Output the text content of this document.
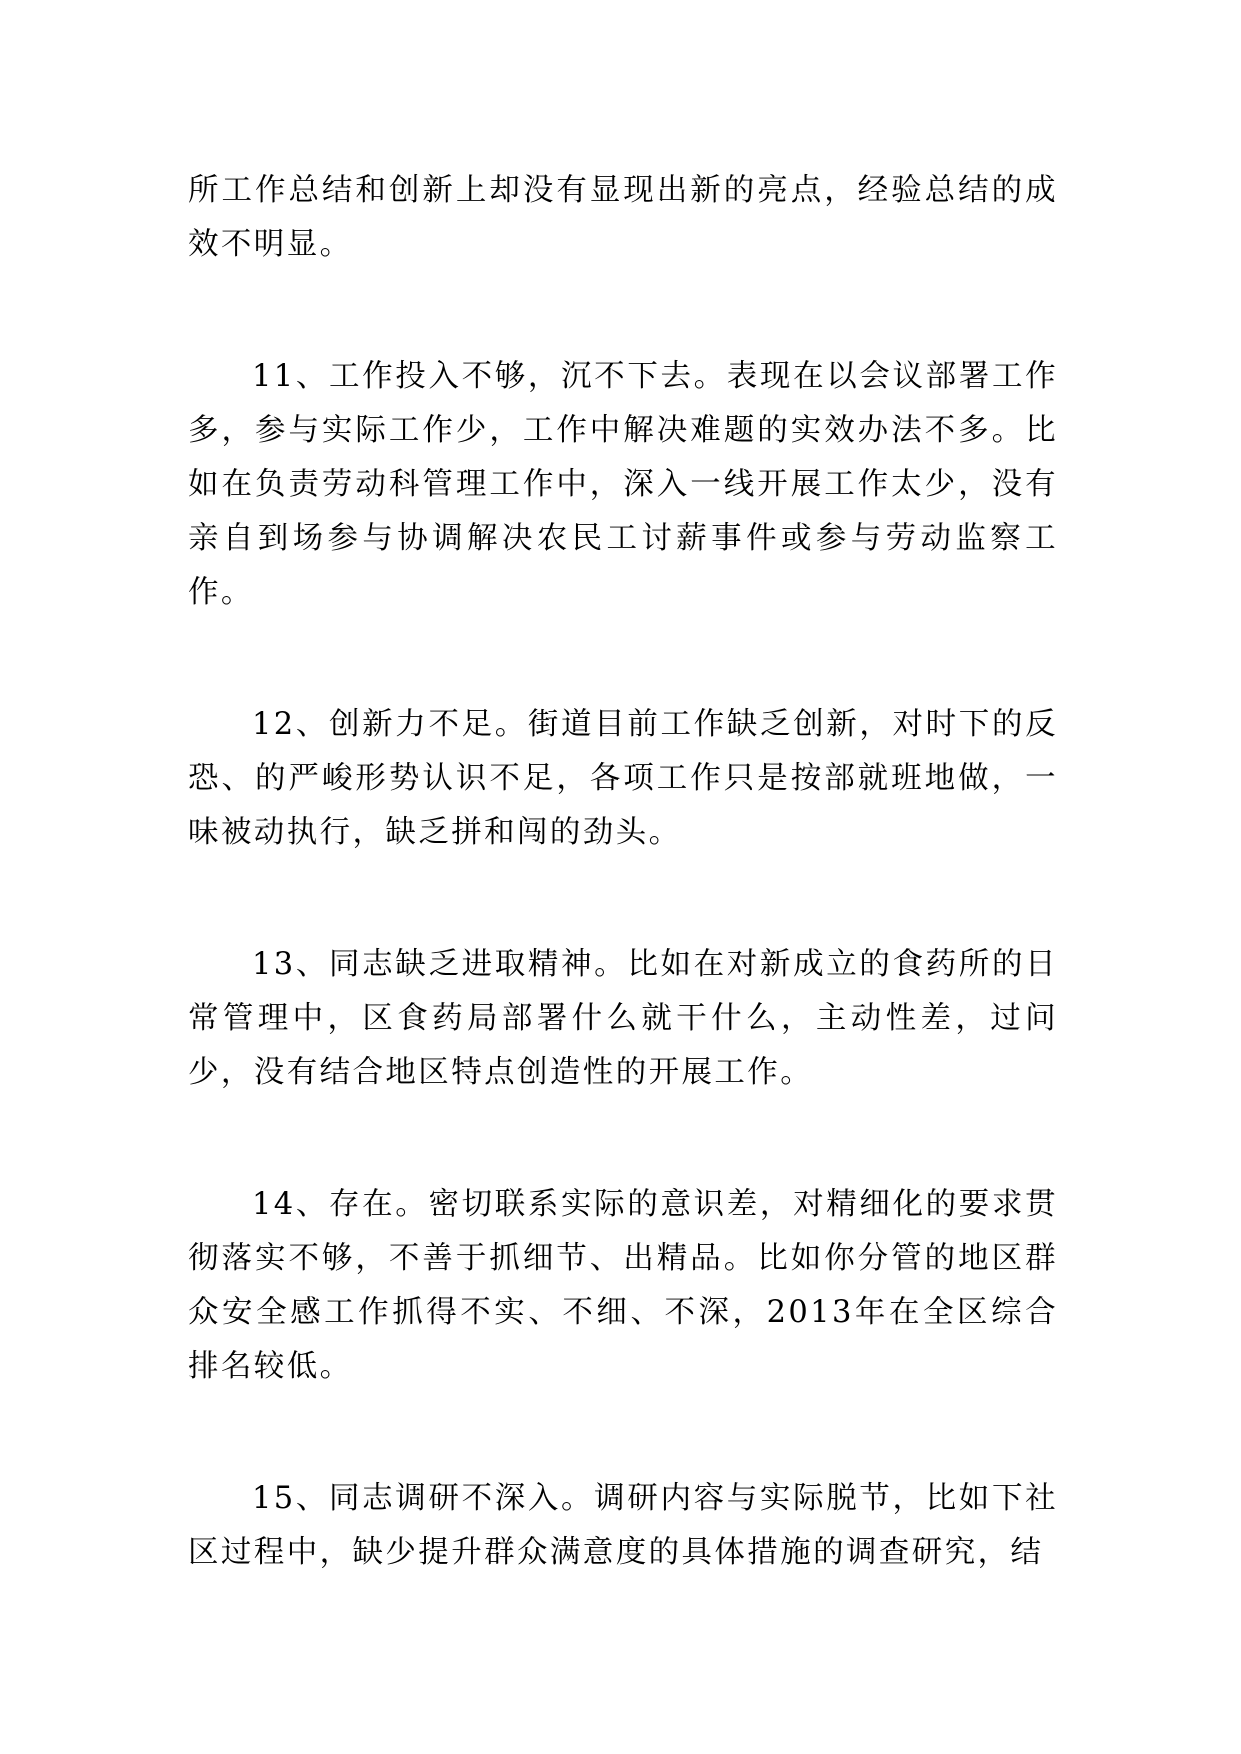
所工作总结和创新上却没有显现出新的亮点，经验总结的成效不明显。

11、工作投入不够，沉不下去。表现在以会议部署工作多，参与实际工作少，工作中解决难题的实效办法不多。比如在负责劳动科管理工作中，深入一线开展工作太少，没有亲自到场参与协调解决农民工讨薪事件或参与劳动监察工作。

12、创新力不足。街道目前工作缺乏创新，对时下的反恐、的严峻形势认识不足，各项工作只是按部就班地做，一味被动执行，缺乏拼和闯的劲头。

13、同志缺乏进取精神。比如在对新成立的食药所的日常管理中，区食药局部署什么就干什么，主动性差，过问少，没有结合地区特点创造性的开展工作。

14、存在。密切联系实际的意识差，对精细化的要求贯彻落实不够，不善于抓细节、出精品。比如你分管的地区群众安全感工作抓得不实、不细、不深，2013年在全区综合排名较低。

15、同志调研不深入。调研内容与实际脱节，比如下社区过程中，缺少提升群众满意度的具体措施的调查研究，结
